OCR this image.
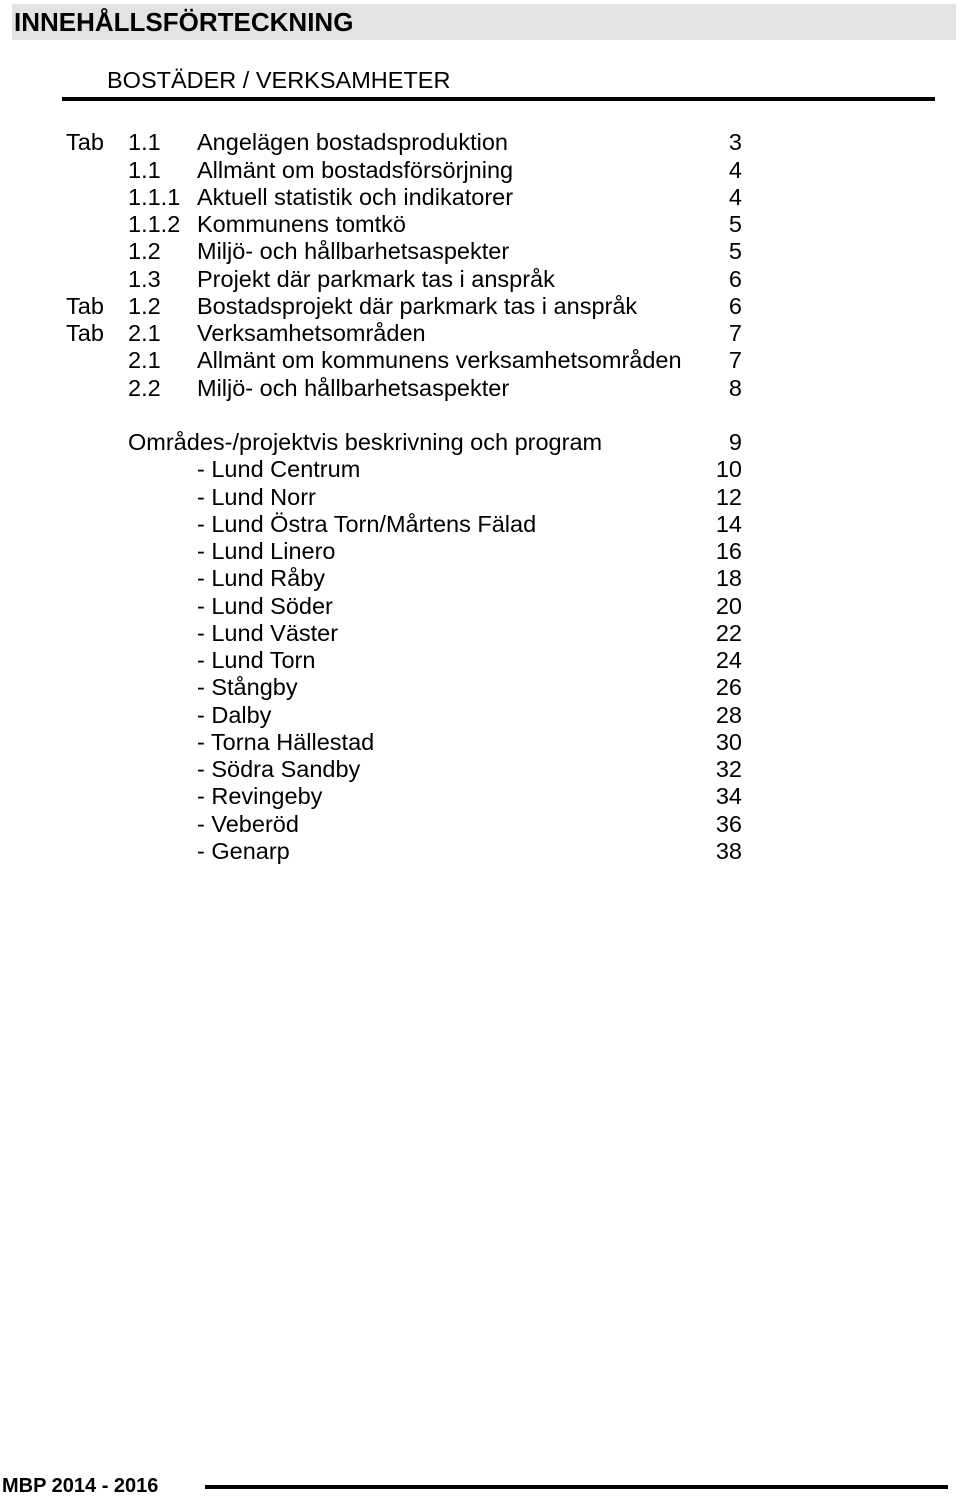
INNEHÅLLSFÖRTECKNING
BOSTÄDER / VERKSAMHETER
Tab 1.1 Angelägen bostadsproduktion	3
1.1 Allmänt om bostadsförsörjning	4
1.1.1 Aktuell statistik och indikatorer	4
1.1.2 Kommunens tomtkö	5
1.2 Miljö- och hållbarhetsaspekter	5
1.3 Projekt där parkmark tas i anspråk	6
Tab 1.2 Bostadsprojekt där parkmark tas i anspråk	6
Tab 2.1 Verksamhetsområden	7
2.1 Allmänt om kommunens verksamhetsområden 7
2.2 Miljö- och hållbarhetsaspekter	8
Områdes-/projektvis beskrivning och program	9
- Lund Centrum	10
- Lund Norr	12
- Lund Östra Torn/Mårtens Fälad	14
- Lund Linero	16
- Lund Råby	18
- Lund Söder	20
- Lund Väster	22
- Lund Torn	24
- Stångby	26
- Dalby	28
- Torna Hällestad	30
- Södra Sandby	32
- Revingeby	34
- Veberöd	36
- Genarp	38
MBP 2014 - 2016
